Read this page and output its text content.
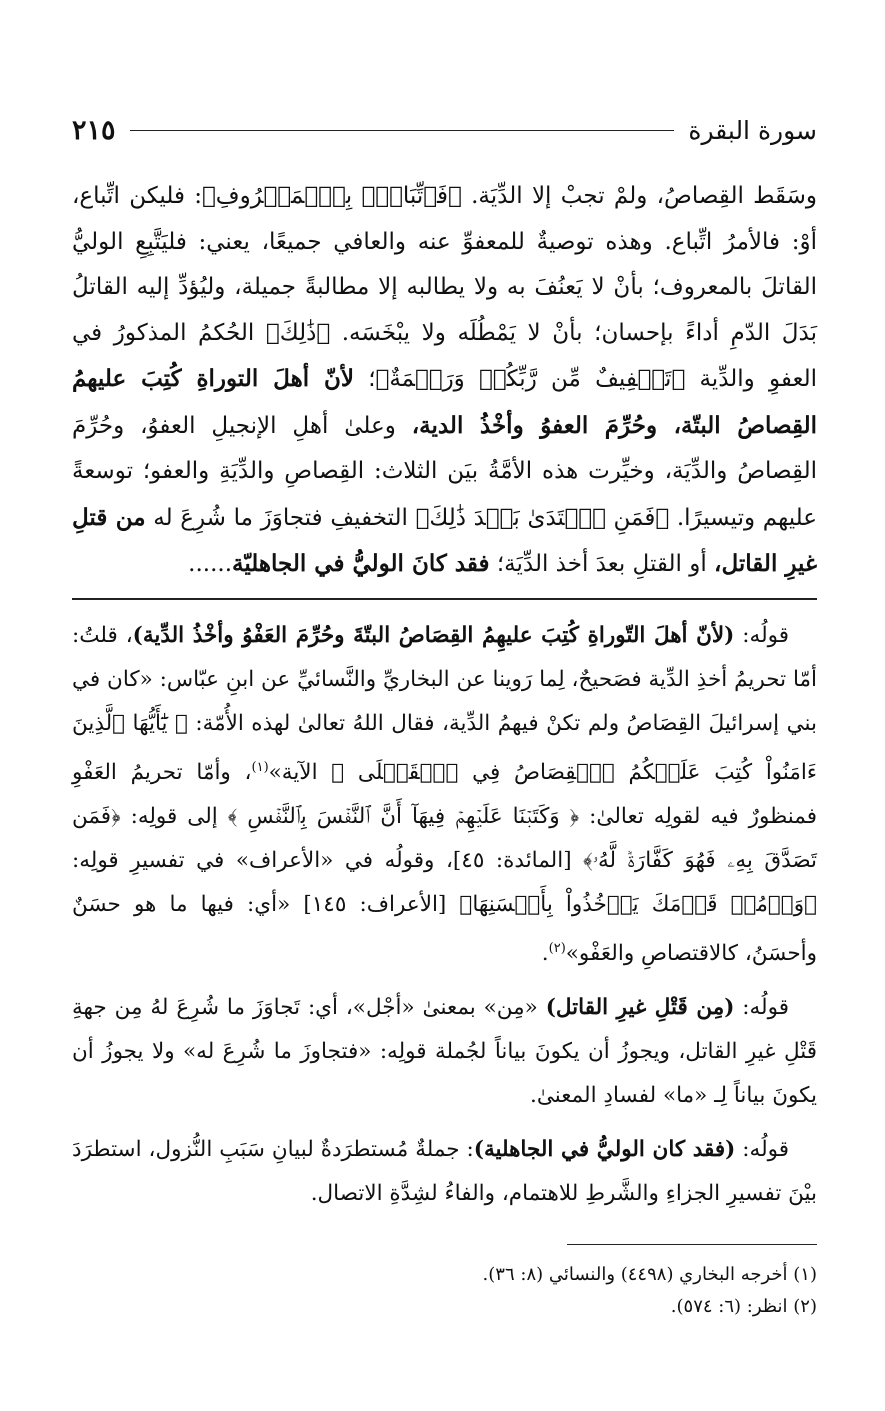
سورة البقرة
٢١٥
وسَقَط القِصاصُ، ولمْ تجبْ إلا الدِّيَة. ﴿فَٱتِّبَاعُۢ بِٱلۡمَعۡرُوفِ﴾: فليكن اتِّباع، أوْ: فالأمرُ اتِّباع. وهذه توصيةٌ للمعفوِّ عنه والعافي جميعًا، يعني: فليَتَّبِعِ الوليُّ القاتلَ بالمعروف؛ بأنْ لا يَعنُفَ به ولا يطالبه إلا مطالبةً جميلة، وليُؤدِّ إليه القاتلُ بَدَلَ الدّمِ أداءً بإحسان؛ بأنْ لا يَمْطُلَه ولا يبْخَسَه. ﴿ذَٰلِكَ﴾ الحُكمُ المذكورُ في العفوِ والدِّية ﴿تَخۡفِيفٌ مِّن رَّبِّكُمۡ وَرَحۡمَةٌ﴾؛ لأنّ أهلَ التوراةِ كُتِبَ عليهمُ القِصاصُ البتّة، وحُرِّمَ العفوُ وأخْذُ الدية، وعلىٰ أهلِ الإنجيلِ العفوُ، وحُرِّمَ القِصاصُ والدِّيَة، وخيِّرت هذه الأمَّةُ بيَن الثلاث: القِصاصِ والدِّيَةِ والعفو؛ توسعةً عليهم وتيسيرًا. ﴿فَمَنِ ٱعۡتَدَىٰ بَعۡدَ ذَٰلِكَ﴾ التخفيفِ فتجاوَزَ ما شُرِعَ له من قتلِ غيرِ القاتل، أو القتلِ بعدَ أخذ الدِّيَة؛ فقد كانَ الوليُّ في الجاهليّة......

قولُه: (لأنّ أهلَ التّوراةِ كُتِبَ عليهِمُ القِصَاصُ البتّةَ وحُرِّمَ العَفْوُ وأخْذُ الدِّية)، قلتُ: أمّا تحريمُ أخذِ الدِّية فصَحيحٌ، لِما رَوينا عن البخاريِّ والنَّسائيِّ عن ابنِ عبّاس: «كان في بني إسرائيلَ القِصَاصُ ولم تكنْ فيهمُ الدِّية، فقال اللهُ تعالىٰ لهذه الأُمّة: ﴿ يَٰٓأَيُّهَا ٱلَّذِينَ ءَامَنُواْ كُتِبَ عَلَيۡكُمُ ٱلۡقِصَاصُ فِي ٱلۡقَتۡلَى ﴾ الآية»$^{(١)}$، وأمّا تحريمُ العَفْوِ فمنظورٌ فيه لقولِه تعالىٰ: ﴿ وَكَتَبۡنَا عَلَيۡهِمۡ فِيهَآ أَنَّ ٱلنَّفۡسَ بِٱلنَّفۡسِ ﴾ إلى قولِه: ﴿فَمَن تَصَدَّقَ بِهِۦ فَهُوَ كَفَّارَةٞ لَّهُۥ﴾ [المائدة: ٤٥]، وقولُه في «الأعراف» في تفسيرِ قولِه: ﴿وَأۡمُرۡ قَوۡمَكَ يَأۡخُذُواْ بِأَحۡسَنِهَا﴾ [الأعراف: ١٤٥] «أي: فيها ما هو حسَنٌ وأحسَنُ، كالاقتصاصِ والعَفْو»$^{(٢)}$.

قولُه: (مِن قَتْلِ غيرِ القاتل) «مِن» بمعنىٰ «أجْل»، أي: تَجاوَزَ ما شُرِعَ لهُ مِن جهةِ قَتْلِ غيرِ القاتل، ويجوزُ أن يكونَ بياناً لجُملة قولِه: «فتجاوزَ ما شُرِعَ له» ولا يجوزُ أن يكونَ بياناً لِـ «ما» لفسادِ المعنىٰ.

قولُه: (فقد كان الوليُّ في الجاهلية): جملةٌ مُستطرَدةٌ لبيانِ سَبَبِ النُّزول، استطرَدَ بيْنَ تفسيرِ الجزاءِ والشَّرطِ للاهتمام، والفاءُ لشِدَّةِ الاتصال.

(١) أخرجه البخاري (٤٤٩٨) والنسائي (٨: ٣٦).
(٢) انظر: (٦: ٥٧٤).
